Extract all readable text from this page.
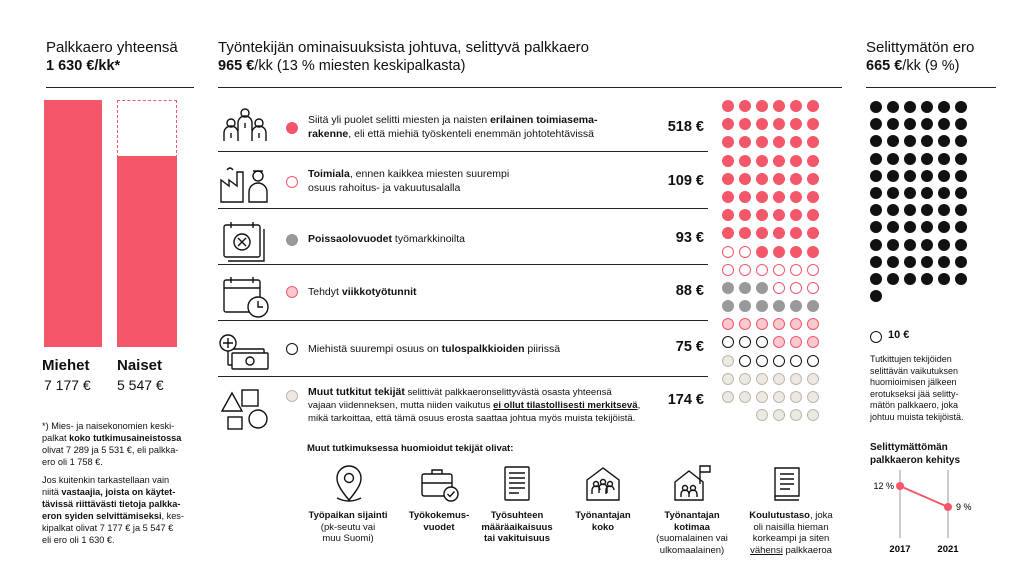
Palkkaero yhteensä
1 630 €/kk*
Miehet
7 177 €
Naiset
5 547 €
*) Mies- ja naisekonomien keski-
palkat koko tutkimusaineistossa
olivat 7 289 ja 5 531 €, eli palkka-
ero oli 1 758 €.
Jos kuitenkin tarkastellaan vain
niitä vastaajia, joista on käytet-
tävissä riittävästi tietoja palkka-
eron syiden selvittämiseksi, kes-
kipalkat olivat 7 177 € ja 5 547 €
eli ero oli 1 630 €.
Työntekijän ominaisuuksista johtuva, selittyvä palkkaero
965 €/kk (13 % miesten keskipalkasta)
Siitä yli puolet selitti miesten ja naisten erilainen toimiasema-
rakenne, eli että miehiä työskenteli enemmän johtotehtävissä	518 €
Toimiala, ennen kaikkea miesten suurempi
osuus rahoitus- ja vakuutusalalla	109 €
Poissaolovuodet työmarkkinoilta	93 €
Tehdyt viikkotyötunnit	88 €
Miehistä suurempi osuus on tulospalkkioiden piirissä	75 €
Muut tutkitut tekijät selittivät palkkaeronselittyvästä osasta yhteensä
vajaan viidenneksen, mutta niiden vaikutus ei ollut tilastollisesti merkitsevä,
mikä tarkoittaa, että tämä osuus erosta saattaa johtua myös muista tekijöistä.
174 €
Muut tutkimuksessa huomioidut tekijät olivat:
Työpaikan sijainti
(pk-seutu vai
muu Suomi)
Työkokemus-
vuodet
Työsuhteen
määräaikaisuus
tai vakituisuus
Työnantajan
koko
Työnantajan
kotimaa
(suomalainen vai
ulkomaalainen)
Koulutustaso, joka
oli naisilla hieman
korkeampi ja siten
vähensi palkkaeroa
Selittymätön ero
665 €/kk (9 %)
10 €
Tutkittujen tekijöiden
selittävän vaikutuksen
huomioimisen jälkeen
erotukseksi jää selitty-
mätön palkkaero, joka
johtuu muista tekijöistä.
Selittymättömän
palkkaeron kehitys
12 %
9 %
2017	2021
